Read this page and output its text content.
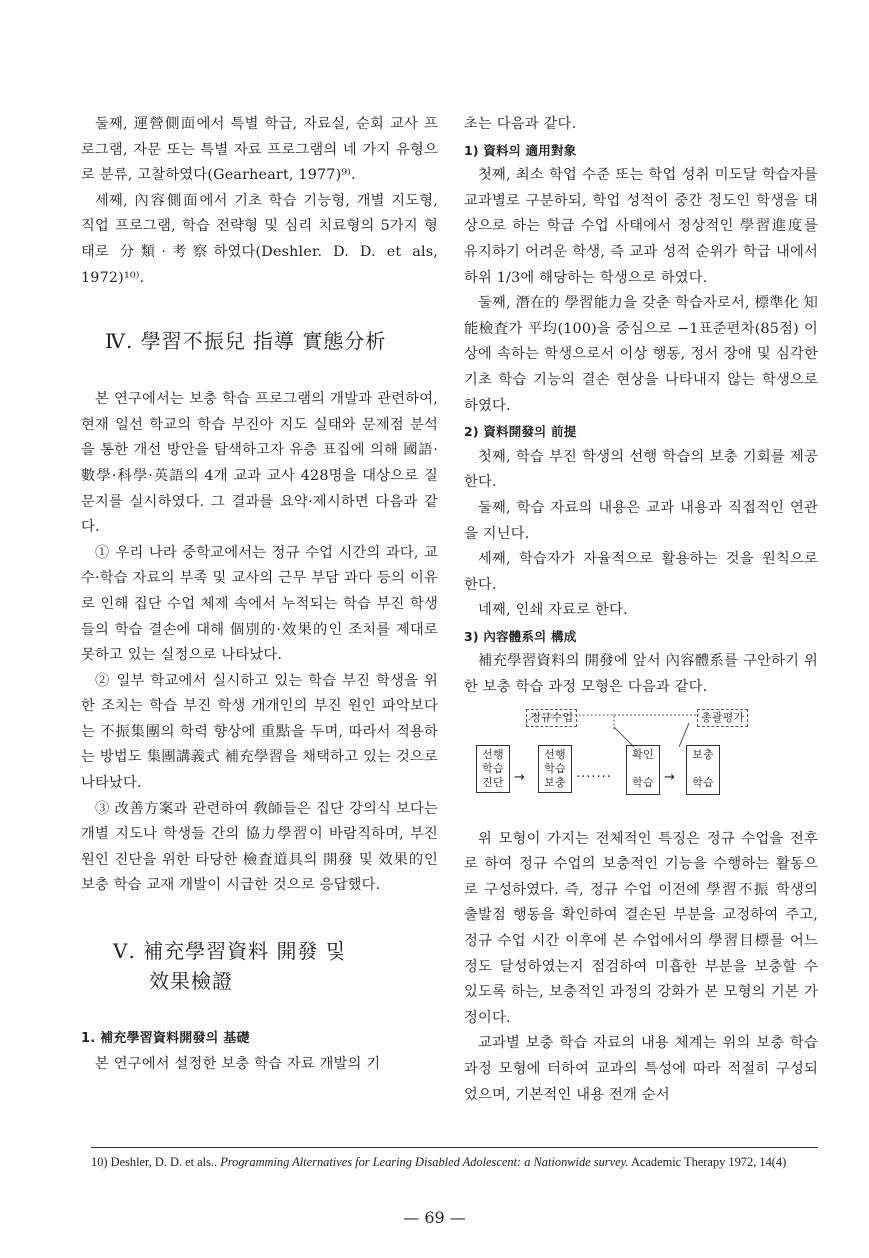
둘째, 運營側面에서 특별 학급, 자료실, 순회 교사 프로그램, 자문 또는 특별 자료 프로그램의 네 가지 유형으로 분류, 고찰하였다(Gearheart, 1977)⁹⁾.

세째, 內容側面에서 기초 학습 기능형, 개별 지도형, 직업 프로그램, 학습 전략형 및 심리 치료형의 5가지 형태로 分類·考察하였다(Deshler. D. D. et als, 1972)¹⁰⁾.

Ⅳ. 學習不振兒 指導 實態分析

본 연구에서는 보충 학습 프로그램의 개발과 관련하여, 현재 일선 학교의 학습 부진아 지도 실태와 문제점 분석을 통한 개선 방안을 탐색하고자 유층 표집에 의해 國語·數學·科學·英語의 4개 교과 교사 428명을 대상으로 질문지를 실시하였다. 그 결과를 요약·제시하면 다음과 같다.

① 우리 나라 중학교에서는 정규 수업 시간의 과다, 교수·학습 자료의 부족 및 교사의 근무 부담 과다 등의 이유로 인해 집단 수업 체제 속에서 누적되는 학습 부진 학생들의 학습 결손에 대해 個別的·效果的인 조치를 제대로 못하고 있는 실정으로 나타났다.

② 일부 학교에서 실시하고 있는 학습 부진 학생을 위한 조치는 학습 부진 학생 개개인의 부진 원인 파악보다는 不振集團의 학력 향상에 重點을 두며, 따라서 적용하는 방법도 集團講義式 補充學習을 채택하고 있는 것으로 나타났다.

③ 改善方案과 관련하여 敎師들은 집단 강의식 보다는 개별 지도나 학생들 간의 協力學習이 바람직하며, 부진 원인 진단을 위한 타당한 檢査道具의 開發 및 效果的인 보충 학습 교재 개발이 시급한 것으로 응답했다.

Ⅴ. 補充學習資料 開發 및
效果檢證

1. 補充學習資料開發의 基礎

본 연구에서 설정한 보충 학습 자료 개발의 기

초는 다음과 같다.

1) 資料의 適用對象

첫째, 최소 학업 수준 또는 학업 성취 미도달 학습자를 교과별로 구분하되, 학업 성적이 중간 정도인 학생을 대상으로 하는 학급 수업 사태에서 정상적인 學習進度를 유지하기 어려운 학생, 즉 교과 성적 순위가 학급 내에서 하위 1/3에 해당하는 학생으로 하였다.

둘째, 潛在的 學習能力을 갖춘 학습자로서, 標準化 知能檢査가 平均(100)을 중심으로 −1표준편차(85점) 이상에 속하는 학생으로서 이상 행동, 정서 장애 및 심각한 기초 학습 기능의 결손 현상을 나타내지 않는 학생으로 하였다.

2) 資料開發의 前提

첫째, 학습 부진 학생의 선행 학습의 보충 기회를 제공한다.

둘째, 학습 자료의 내용은 교과 내용과 직접적인 연관을 지닌다.

세째, 학습자가 자율적으로 활용하는 것을 원칙으로 한다.

네째, 인쇄 자료로 한다.

3) 內容體系의 構成

補充學習資料의 開發에 앞서 內容體系를 구안하기 위한 보충 학습 과정 모형은 다음과 같다.

정규수업	총괄평가
선행
학습
진단 →
선행
학습
보충 ·······
확인

학습 →
보충

학습

위 모형이 가지는 전체적인 특징은 정규 수업을 전후로 하여 정규 수업의 보충적인 기능을 수행하는 활동으로 구성하였다. 즉, 정규 수업 이전에 學習不振 학생의 출발점 행동을 확인하여 결손된 부분을 교정하여 주고, 정규 수업 시간 이후에 본 수업에서의 學習目標를 어느 정도 달성하였는지 점검하여 미흡한 부분을 보충할 수 있도록 하는, 보충적인 과정의 강화가 본 모형의 기본 가정이다.

교과별 보충 학습 자료의 내용 체계는 위의 보충 학습 과정 모형에 터하여 교과의 특성에 따라 적절히 구성되었으며, 기본적인 내용 전개 순서

10) Deshler, D. D. et als.. Programming Alternatives for Learing Disabled Adolescent: a Nationwide survey. Academic Therapy 1972, 14(4)
— 69 —
